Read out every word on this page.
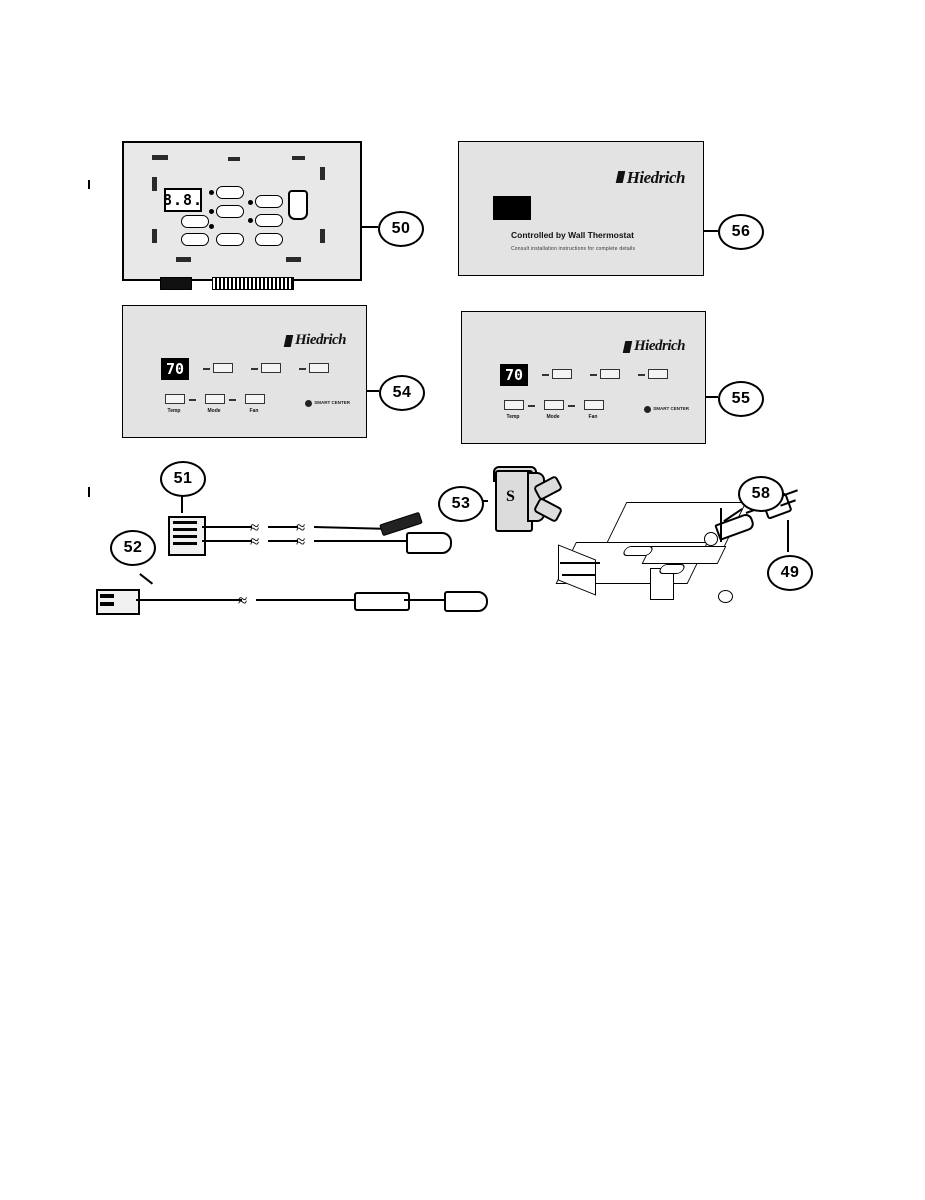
8.8.
50
Hiedrich
Controlled by Wall Thermostat
Consult installation instructions for complete details
56
Hiedrich
70
Temp	Mode	Fan
SMART CENTER
54
Hiedrich
70
Temp	Mode	Fan
SMART CENTER
55
≈
≈
≈
≈
51
≈
52
S
53
58
49
